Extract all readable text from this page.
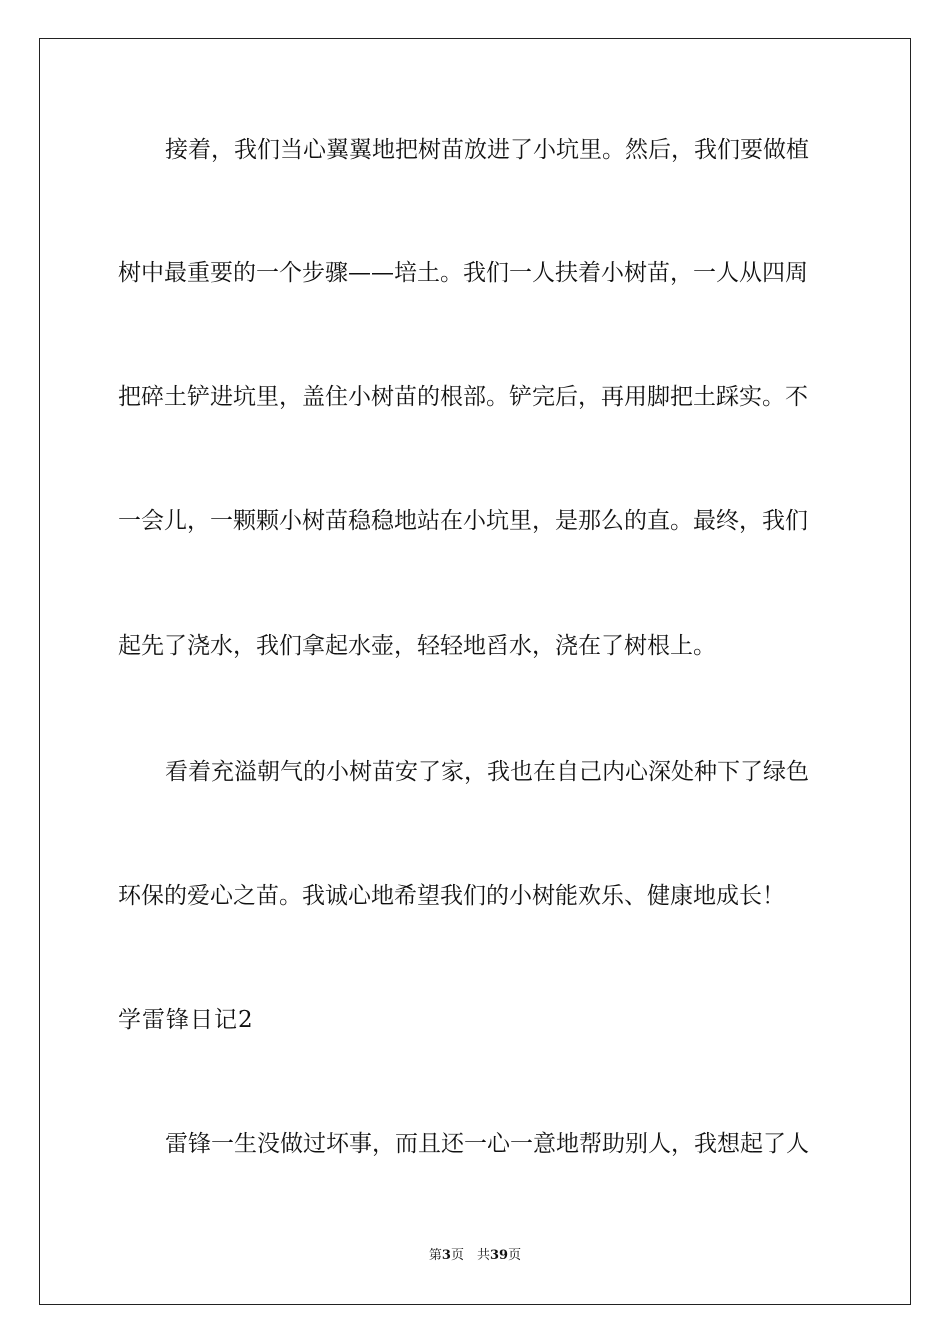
接着，我们当心翼翼地把树苗放进了小坑里。然后，我们要做植
树中最重要的一个步骤——培土。我们一人扶着小树苗，一人从四周
把碎土铲进坑里，盖住小树苗的根部。铲完后，再用脚把土踩实。不
一会儿，一颗颗小树苗稳稳地站在小坑里，是那么的直。最终，我们
起先了浇水，我们拿起水壶，轻轻地舀水，浇在了树根上。
看着充溢朝气的小树苗安了家，我也在自己内心深处种下了绿色
环保的爱心之苗。我诚心地希望我们的小树能欢乐、健康地成长！
学雷锋日记2
雷锋一生没做过坏事，而且还一心一意地帮助别人，我想起了人
第3页　共39页
